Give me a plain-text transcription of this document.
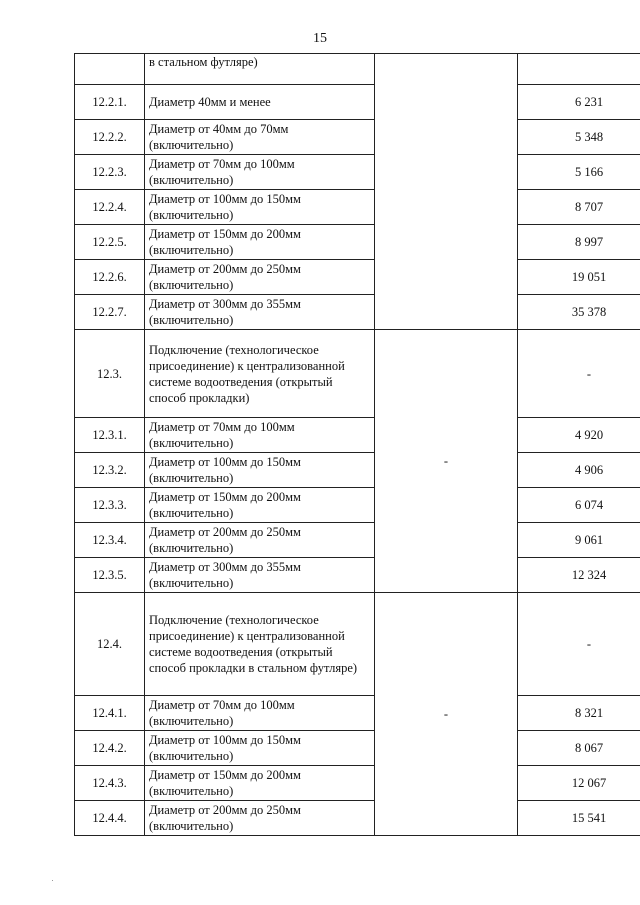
15
	в стальном футляре)		
12.2.1.	Диаметр 40мм и менее		6 231
12.2.2.	Диаметр от 40мм до 70мм (включительно)		5 348
12.2.3.	Диаметр от 70мм до 100мм (включительно)		5 166
12.2.4.	Диаметр от 100мм до 150мм (включительно)		8 707
12.2.5.	Диаметр от 150мм до 200мм (включительно)		8 997
12.2.6.	Диаметр от 200мм до 250мм (включительно)		19 051
12.2.7.	Диаметр от 300мм до 355мм (включительно)		35 378
12.3.	Подключение (технологическое присоединение) к централизованной системе водоотведения (открытый способ прокладки)	-	-
12.3.1.	Диаметр от 70мм до 100мм (включительно)		4 920
12.3.2.	Диаметр от 100мм до 150мм (включительно)		4 906
12.3.3.	Диаметр от 150мм до 200мм (включительно)		6 074
12.3.4.	Диаметр от 200мм до 250мм (включительно)		9 061
12.3.5.	Диаметр от 300мм до 355мм (включительно)		12 324
12.4.	Подключение (технологическое присоединение) к централизованной системе водоотведения (открытый способ прокладки в стальном футляре)	-	-
12.4.1.	Диаметр от 70мм до 100мм (включительно)		8 321
12.4.2.	Диаметр от 100мм до 150мм (включительно)		8 067
12.4.3.	Диаметр от 150мм до 200мм (включительно)		12 067
12.4.4.	Диаметр от 200мм до 250мм (включительно)		15 541
